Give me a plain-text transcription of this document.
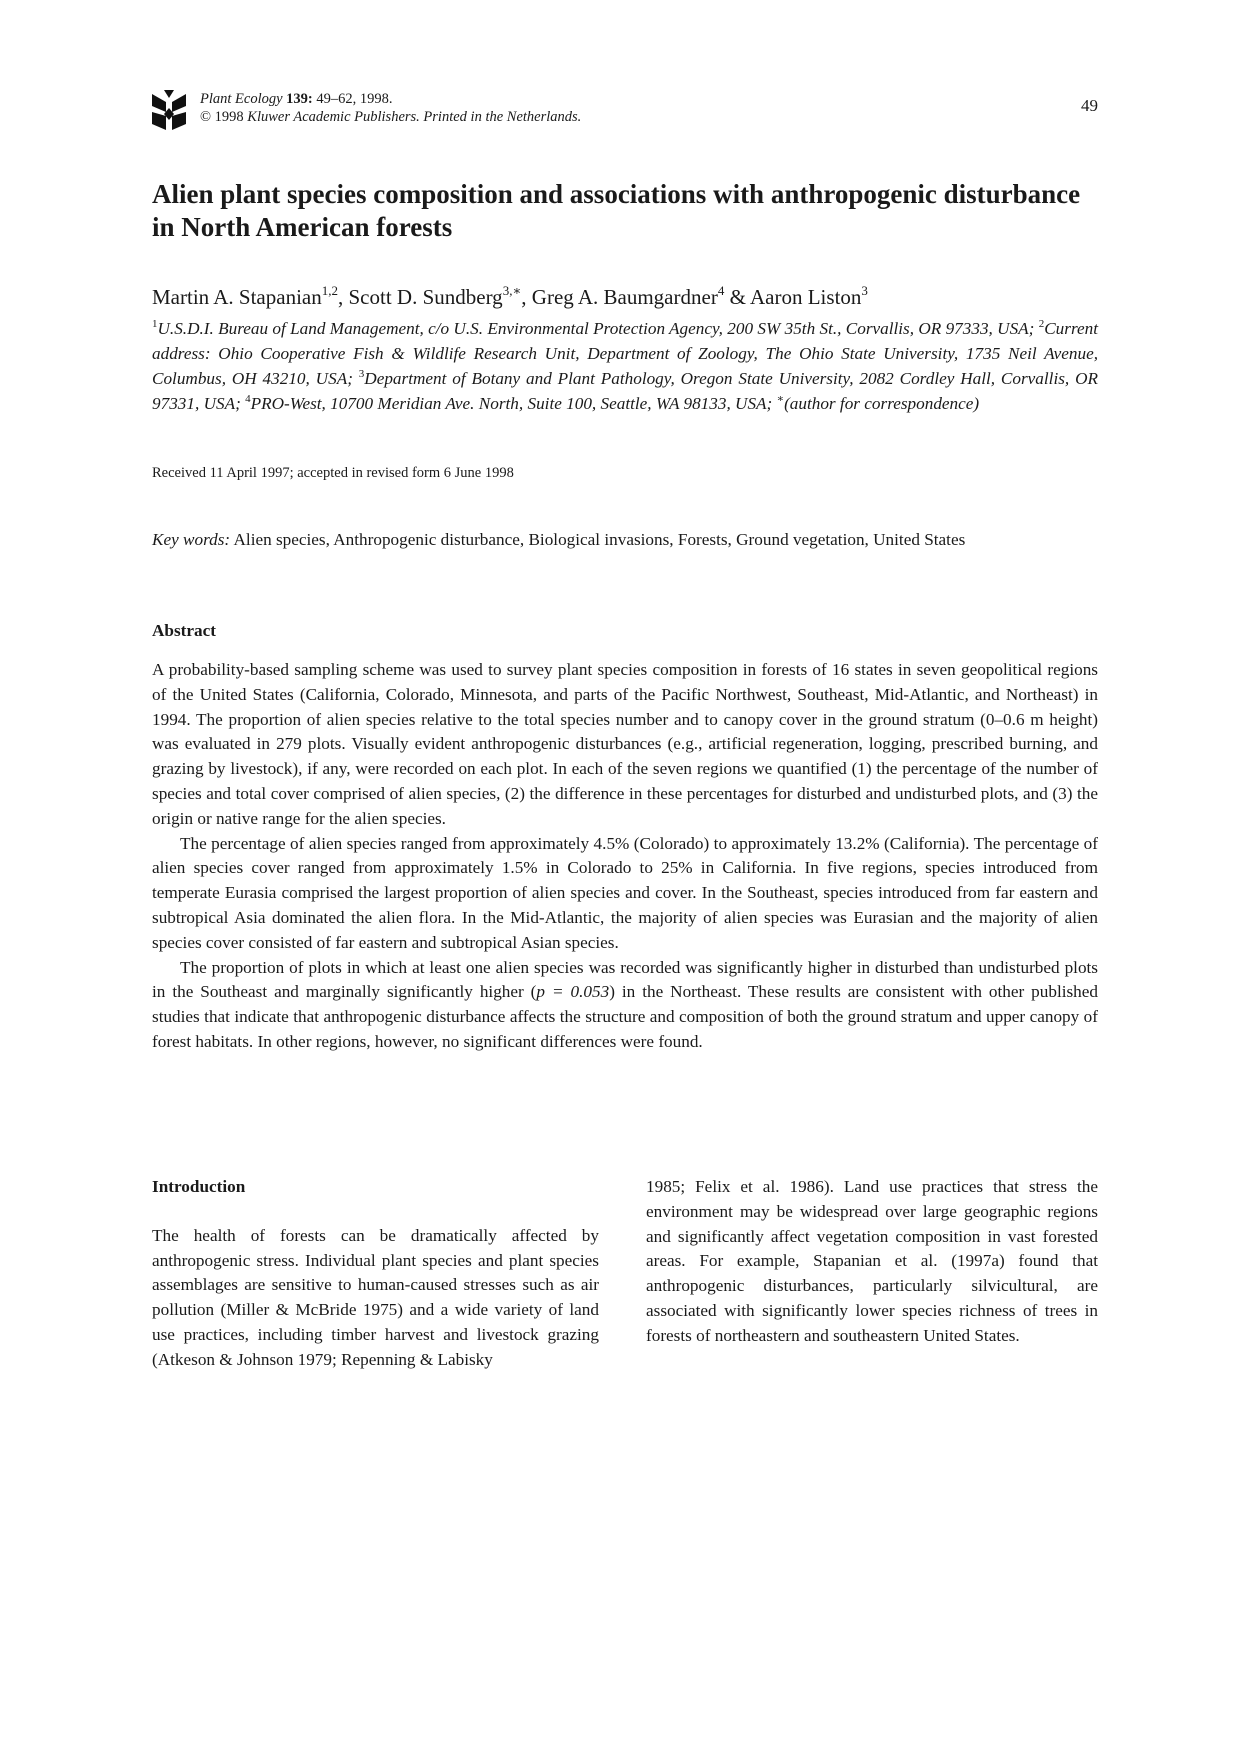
Plant Ecology 139: 49–62, 1998.
© 1998 Kluwer Academic Publishers. Printed in the Netherlands.
49
Alien plant species composition and associations with anthropogenic disturbance in North American forests
Martin A. Stapanian$^{1,2}$, Scott D. Sundberg$^{3,∗}$, Greg A. Baumgardner$^4$ & Aaron Liston$^3$
$^1$U.S.D.I. Bureau of Land Management, c/o U.S. Environmental Protection Agency, 200 SW 35th St., Corvallis, OR 97333, USA; $^2$Current address: Ohio Cooperative Fish & Wildlife Research Unit, Department of Zoology, The Ohio State University, 1735 Neil Avenue, Columbus, OH 43210, USA; $^3$Department of Botany and Plant Pathology, Oregon State University, 2082 Cordley Hall, Corvallis, OR 97331, USA; $^4$PRO-West, 10700 Meridian Ave. North, Suite 100, Seattle, WA 98133, USA; ∗(author for correspondence)
Received 11 April 1997; accepted in revised form 6 June 1998
Key words: Alien species, Anthropogenic disturbance, Biological invasions, Forests, Ground vegetation, United States
Abstract

A probability-based sampling scheme was used to survey plant species composition in forests of 16 states in seven geopolitical regions of the United States (California, Colorado, Minnesota, and parts of the Pacific Northwest, Southeast, Mid-Atlantic, and Northeast) in 1994. The proportion of alien species relative to the total species number and to canopy cover in the ground stratum (0–0.6 m height) was evaluated in 279 plots. Visually evident anthropogenic disturbances (e.g., artificial regeneration, logging, prescribed burning, and grazing by livestock), if any, were recorded on each plot. In each of the seven regions we quantified (1) the percentage of the number of species and total cover comprised of alien species, (2) the difference in these percentages for disturbed and undisturbed plots, and (3) the origin or native range for the alien species.

The percentage of alien species ranged from approximately 4.5% (Colorado) to approximately 13.2% (California). The percentage of alien species cover ranged from approximately 1.5% in Colorado to 25% in California. In five regions, species introduced from temperate Eurasia comprised the largest proportion of alien species and cover. In the Southeast, species introduced from far eastern and subtropical Asia dominated the alien flora. In the Mid-Atlantic, the majority of alien species was Eurasian and the majority of alien species cover consisted of far eastern and subtropical Asian species.

The proportion of plots in which at least one alien species was recorded was significantly higher in disturbed than undisturbed plots in the Southeast and marginally significantly higher (p = 0.053) in the Northeast. These results are consistent with other published studies that indicate that anthropogenic disturbance affects the structure and composition of both the ground stratum and upper canopy of forest habitats. In other regions, however, no significant differences were found.

Introduction

The health of forests can be dramatically affected by anthropogenic stress. Individual plant species and plant species assemblages are sensitive to human-caused stresses such as air pollution (Miller & McBride 1975) and a wide variety of land use practices, including timber harvest and livestock grazing (Atkeson & Johnson 1979; Repenning & Labisky

1985; Felix et al. 1986). Land use practices that stress the environment may be widespread over large geographic regions and significantly affect vegetation composition in vast forested areas. For example, Stapanian et al. (1997a) found that anthropogenic disturbances, particularly silvicultural, are associated with significantly lower species richness of trees in forests of northeastern and southeastern United States.
